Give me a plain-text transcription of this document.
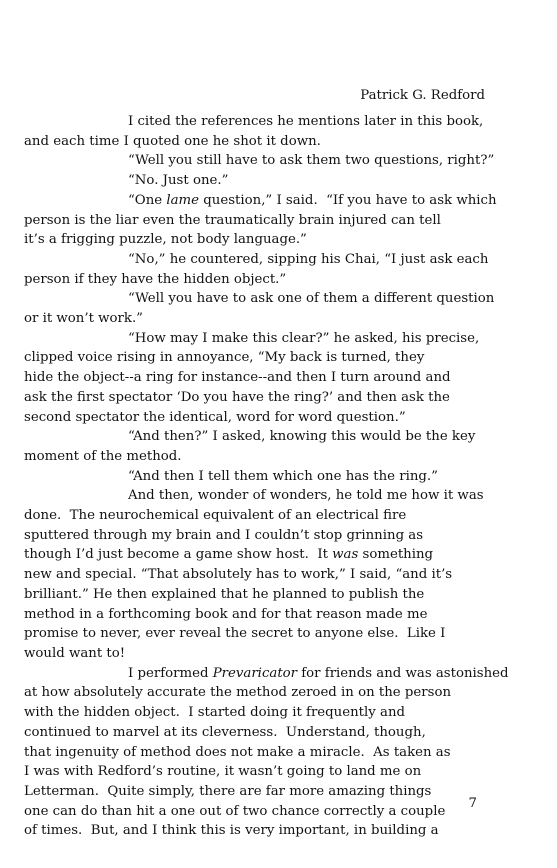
Patrick G. Redford
I cited the references he mentions later in this book,
and each time I quoted one he shot it down.
“Well you still have to ask them two questions, right?”
“No. Just one.”
“One lame question,” I said.  “If you have to ask which
person is the liar even the traumatically brain injured can tell
it’s a frigging puzzle, not body language.”
“No,” he countered, sipping his Chai, “I just ask each
person if they have the hidden object.”
“Well you have to ask one of them a different question
or it won’t work.”
“How may I make this clear?” he asked, his precise,
clipped voice rising in annoyance, “My back is turned, they
hide the object--a ring for instance--and then I turn around and
ask the first spectator ‘Do you have the ring?’ and then ask the
second spectator the identical, word for word question.”
“And then?” I asked, knowing this would be the key
moment of the method.
“And then I tell them which one has the ring.”
And then, wonder of wonders, he told me how it was
done.  The neurochemical equivalent of an electrical fire
sputtered through my brain and I couldn’t stop grinning as
though I’d just become a game show host.  It was something
new and special. “That absolutely has to work,” I said, “and it’s
brilliant.” He then explained that he planned to publish the
method in a forthcoming book and for that reason made me
promise to never, ever reveal the secret to anyone else.  Like I
would want to!
I performed Prevaricator for friends and was astonished
at how absolutely accurate the method zeroed in on the person
with the hidden object.  I started doing it frequently and
continued to marvel at its cleverness.  Understand, though,
that ingenuity of method does not make a miracle.  As taken as
I was with Redford’s routine, it wasn’t going to land me on
Letterman.  Quite simply, there are far more amazing things
one can do than hit a one out of two chance correctly a couple
of times.  But, and I think this is very important, in building a
7
